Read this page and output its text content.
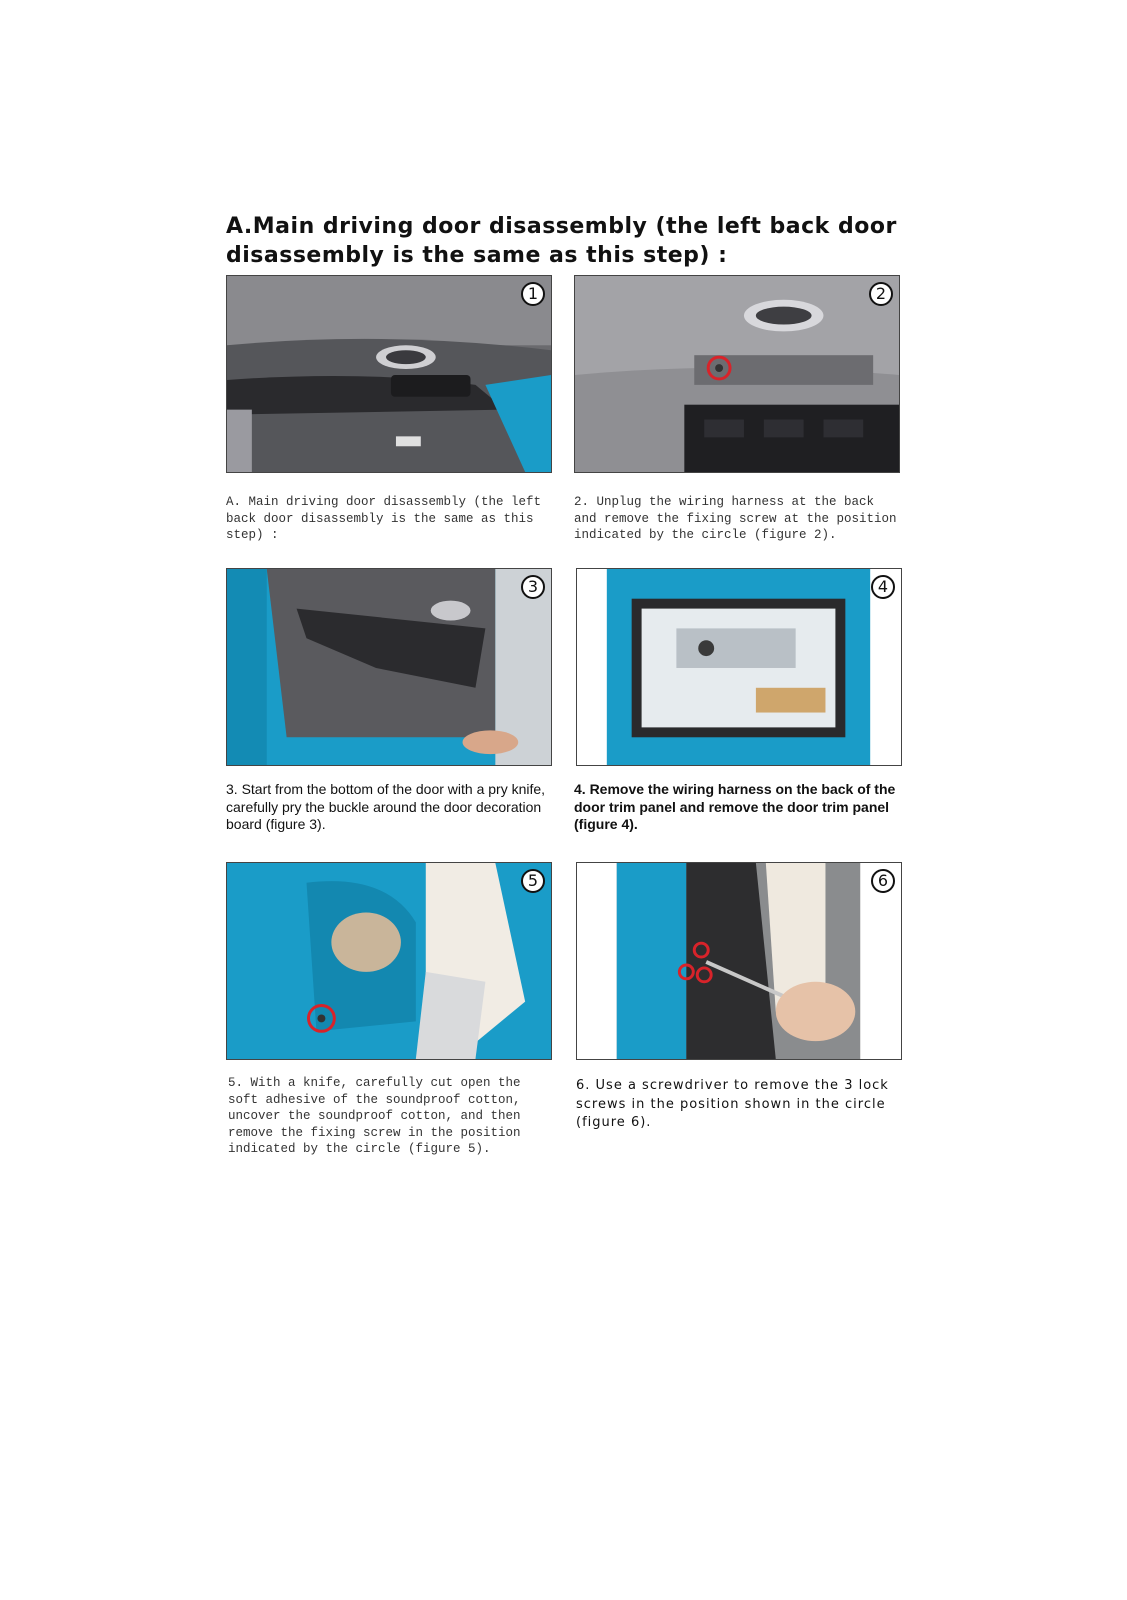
A.Main driving door disassembly (the left back door
disassembly is the same as this step) :
1
A. Main driving door disassembly (the left back door disassembly is the same as this step) :
2
2. Unplug the wiring harness at the back and remove the fixing screw at the position indicated by the circle (figure 2).
3
3. Start from the bottom of the door with a pry knife, carefully pry the buckle around the door decoration board (figure 3).
4
4. Remove the wiring harness on the back of the door trim panel and remove the door trim panel (figure 4).
5
5. With a knife, carefully cut open the soft adhesive of the soundproof cotton, uncover the soundproof cotton, and then remove the fixing screw in the position indicated by the circle (figure 5).
6
6. Use a screwdriver to remove the 3 lock screws in the position shown in the circle (figure 6).
